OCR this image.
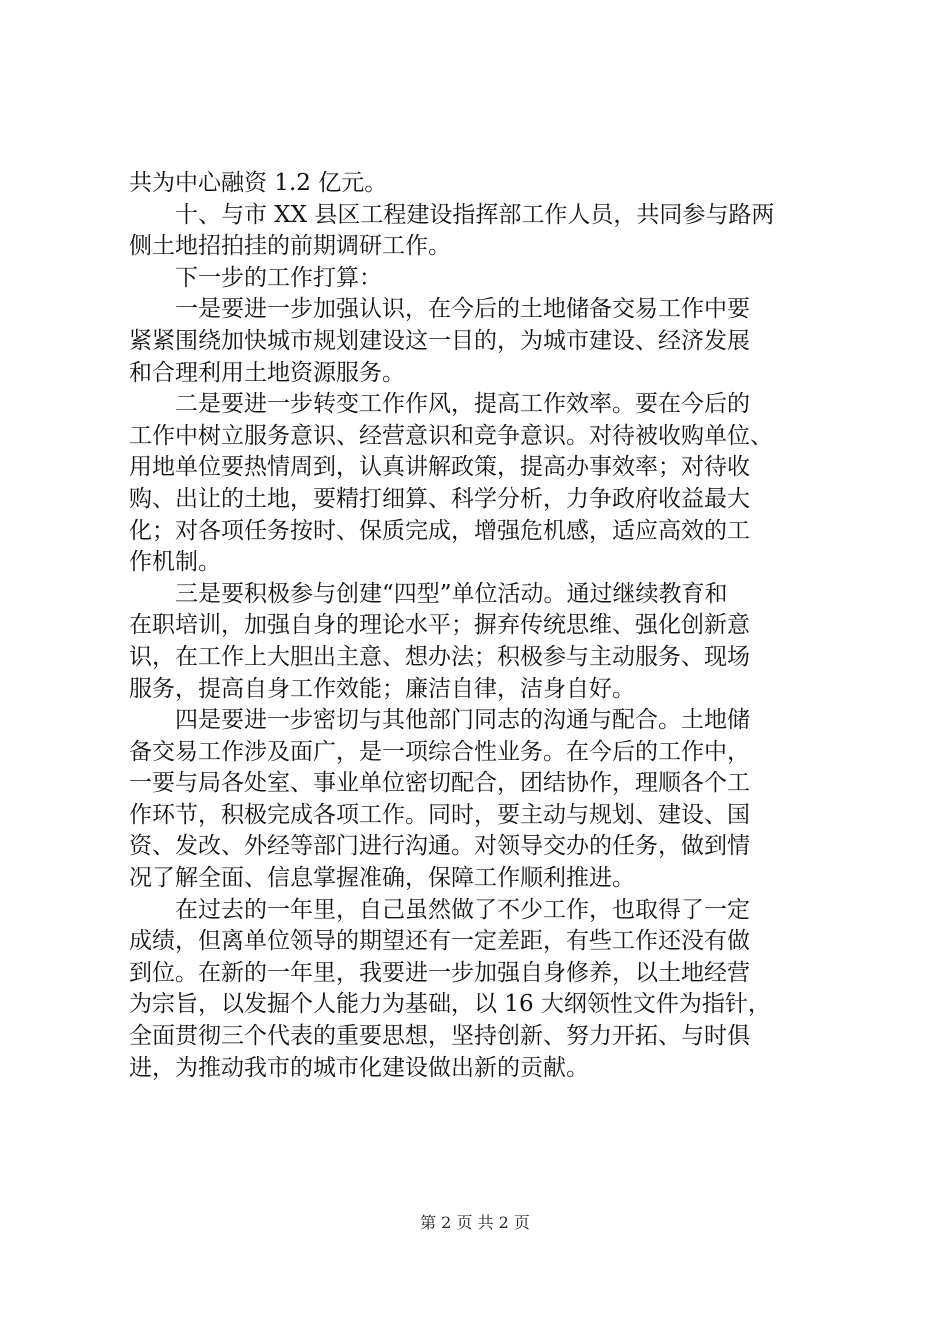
共为中心融资 1.2 亿元。
　　十、与市 XX 县区工程建设指挥部工作人员，共同参与路两
侧土地招拍挂的前期调研工作。
　　下一步的工作打算：
　　一是要进一步加强认识，在今后的土地储备交易工作中要
紧紧围绕加快城市规划建设这一目的，为城市建设、经济发展
和合理利用土地资源服务。
　　二是要进一步转变工作作风，提高工作效率。要在今后的
工作中树立服务意识、经营意识和竞争意识。对待被收购单位、
用地单位要热情周到，认真讲解政策，提高办事效率；对待收
购、出让的土地，要精打细算、科学分析，力争政府收益最大
化；对各项任务按时、保质完成，增强危机感，适应高效的工
作机制。
　　三是要积极参与创建“四型”单位活动。通过继续教育和
在职培训，加强自身的理论水平；摒弃传统思维、强化创新意
识，在工作上大胆出主意、想办法；积极参与主动服务、现场
服务，提高自身工作效能；廉洁自律，洁身自好。
　　四是要进一步密切与其他部门同志的沟通与配合。土地储
备交易工作涉及面广，是一项综合性业务。在今后的工作中，
一要与局各处室、事业单位密切配合，团结协作，理顺各个工
作环节，积极完成各项工作。同时，要主动与规划、建设、国
资、发改、外经等部门进行沟通。对领导交办的任务，做到情
况了解全面、信息掌握准确，保障工作顺利推进。
　　在过去的一年里，自己虽然做了不少工作，也取得了一定
成绩，但离单位领导的期望还有一定差距，有些工作还没有做
到位。在新的一年里，我要进一步加强自身修养，以土地经营
为宗旨，以发掘个人能力为基础，以 16 大纲领性文件为指针，
全面贯彻三个代表的重要思想，坚持创新、努力开拓、与时俱
进，为推动我市的城市化建设做出新的贡献。
第 2 页 共 2 页
